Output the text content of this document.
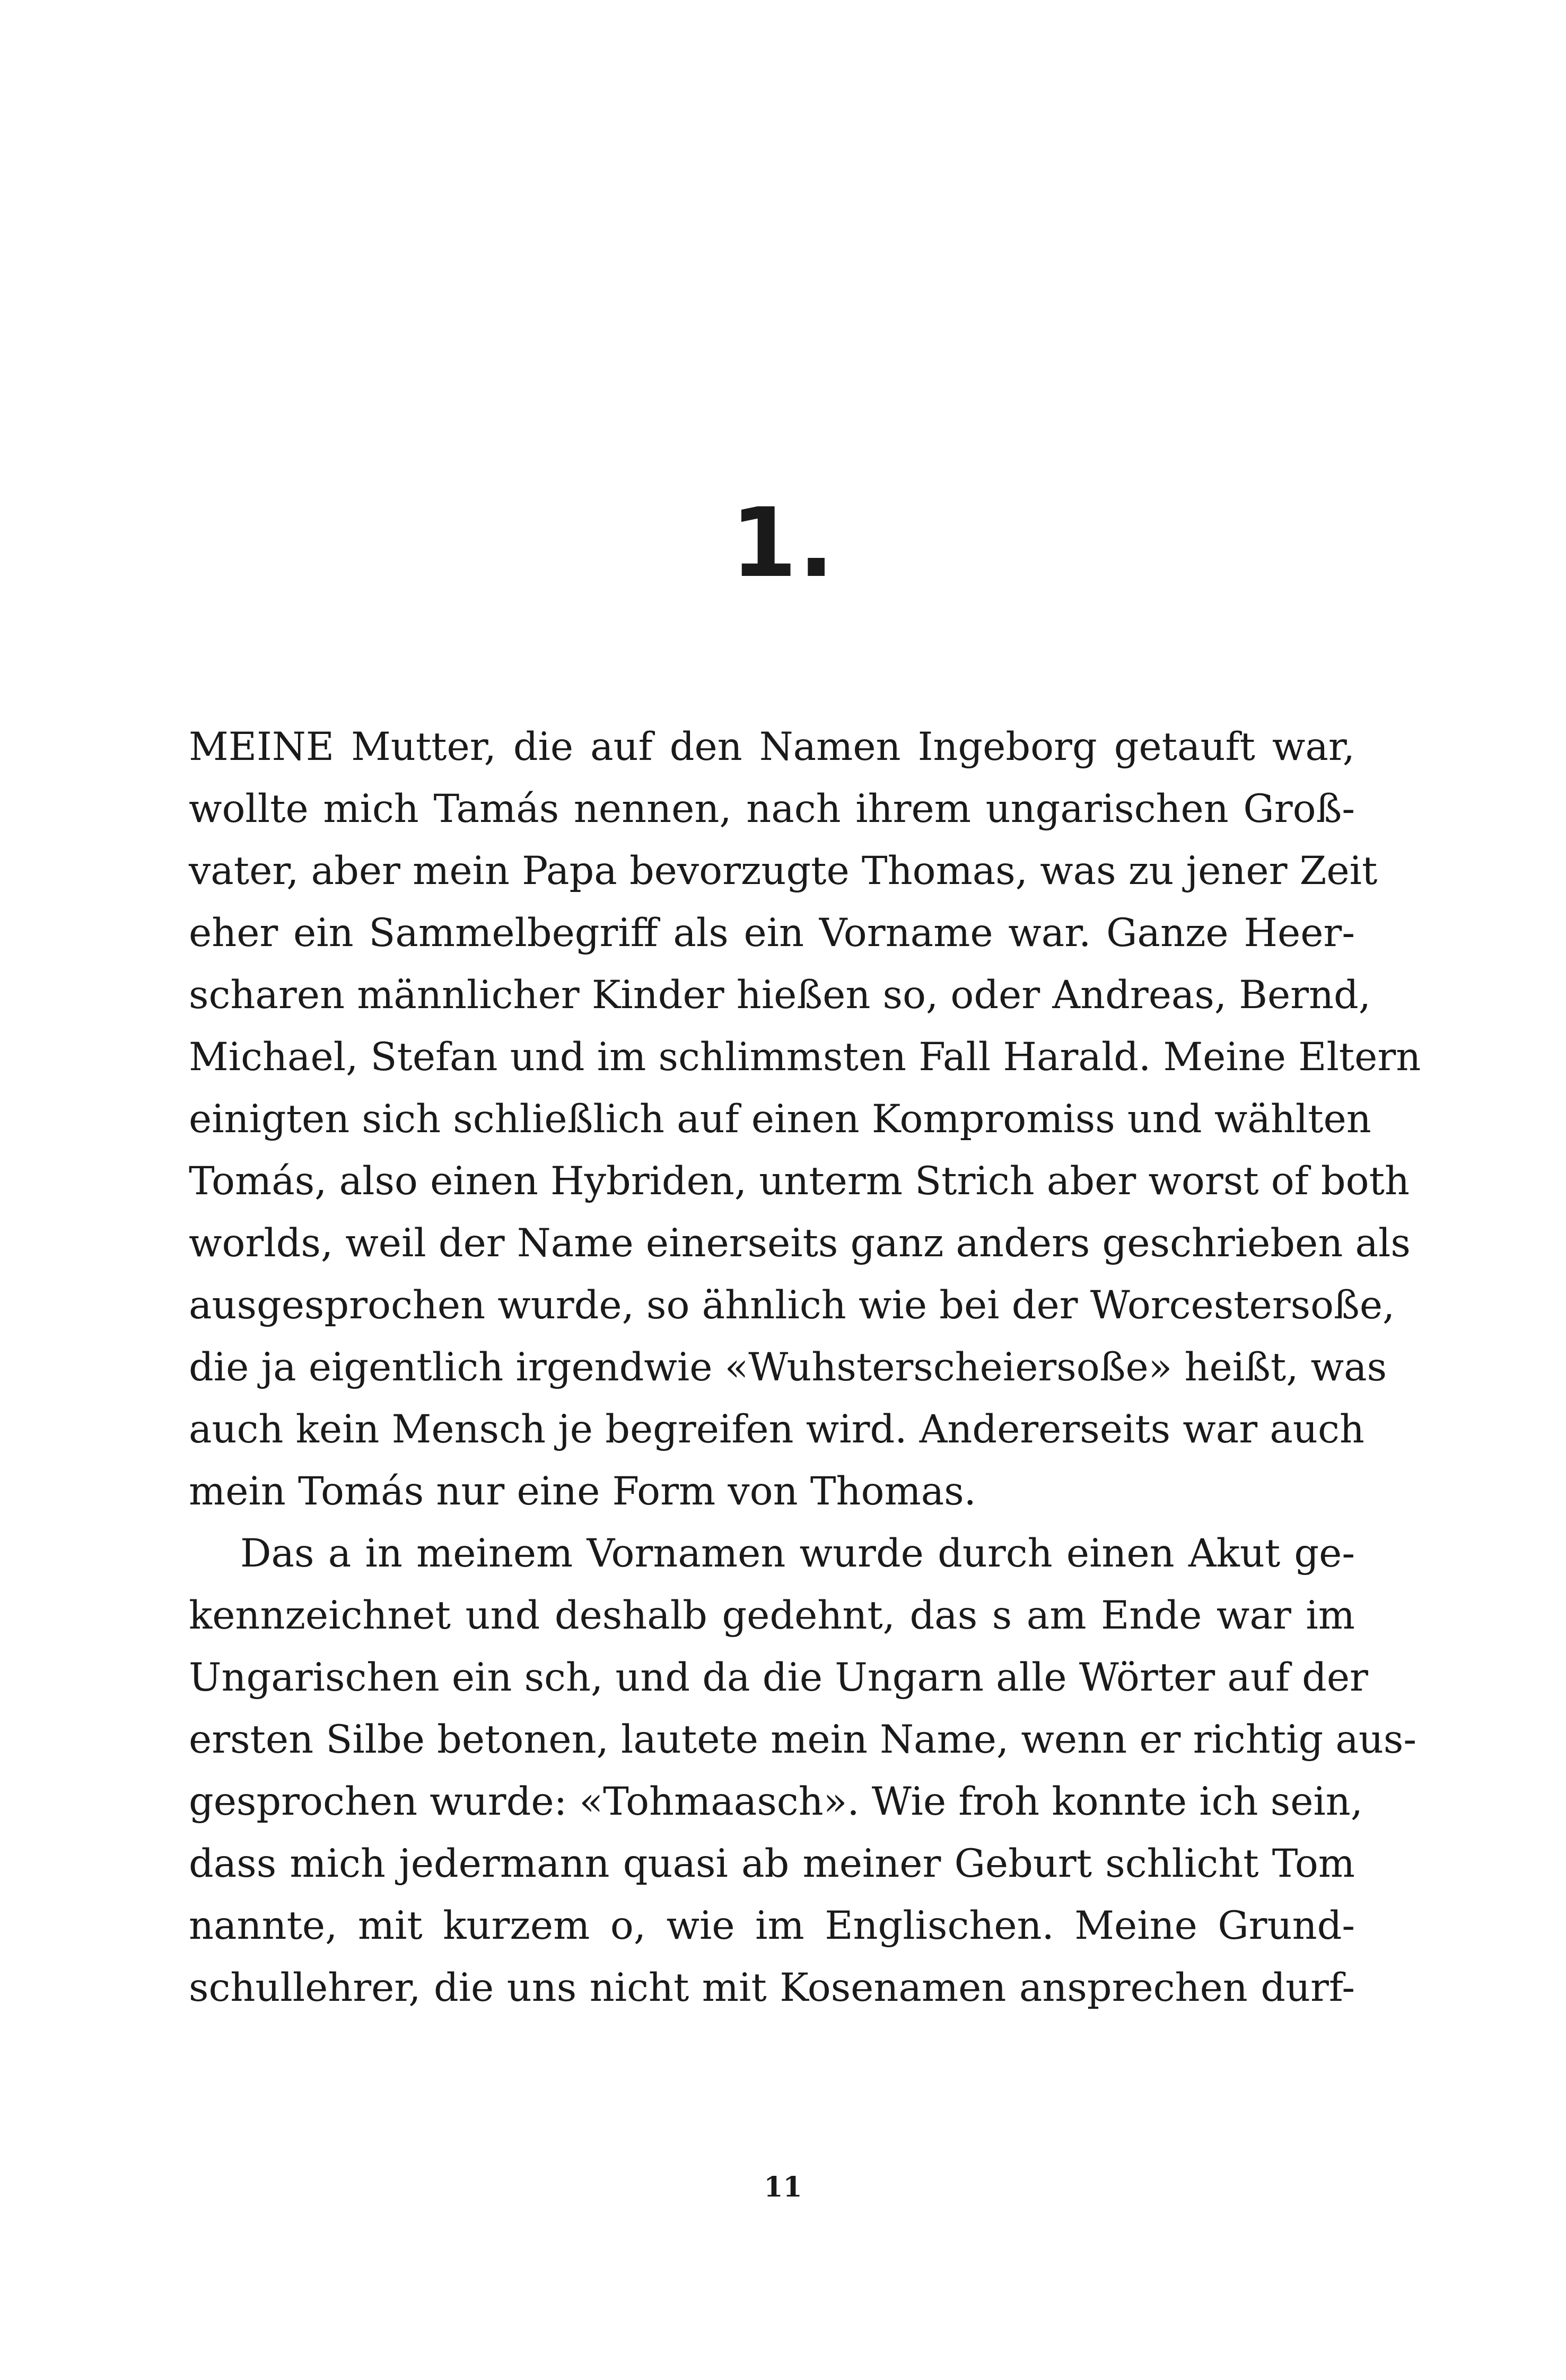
1.
MEINE Mutter, die auf den Namen Ingeborg getauft war,
wollte mich Tamás nennen, nach ihrem ungarischen Groß-
vater, aber mein Papa bevorzugte Thomas, was zu jener Zeit
eher ein Sammelbegriff als ein Vorname war. Ganze Heer-
scharen männlicher Kinder hießen so, oder Andreas, Bernd,
Michael, Stefan und im schlimmsten Fall Harald. Meine Eltern
einigten sich schließlich auf einen Kompromiss und wählten
Tomás, also einen Hybriden, unterm Strich aber worst of both
worlds, weil der Name einerseits ganz anders geschrieben als
ausgesprochen wurde, so ähnlich wie bei der Worcestersoße,
die ja eigentlich irgendwie «Wuhsterscheiersoße» heißt, was
auch kein Mensch je begreifen wird. Andererseits war auch
mein Tomás nur eine Form von Thomas.
Das a in meinem Vornamen wurde durch einen Akut ge-
kennzeichnet und deshalb gedehnt, das s am Ende war im
Ungarischen ein sch, und da die Ungarn alle Wörter auf der
ersten Silbe betonen, lautete mein Name, wenn er richtig aus-
gesprochen wurde: «Tohmaasch». Wie froh konnte ich sein,
dass mich jedermann quasi ab meiner Geburt schlicht Tom
nannte, mit kurzem o, wie im Englischen. Meine Grund-
schullehrer, die uns nicht mit Kosenamen ansprechen durf-
11
